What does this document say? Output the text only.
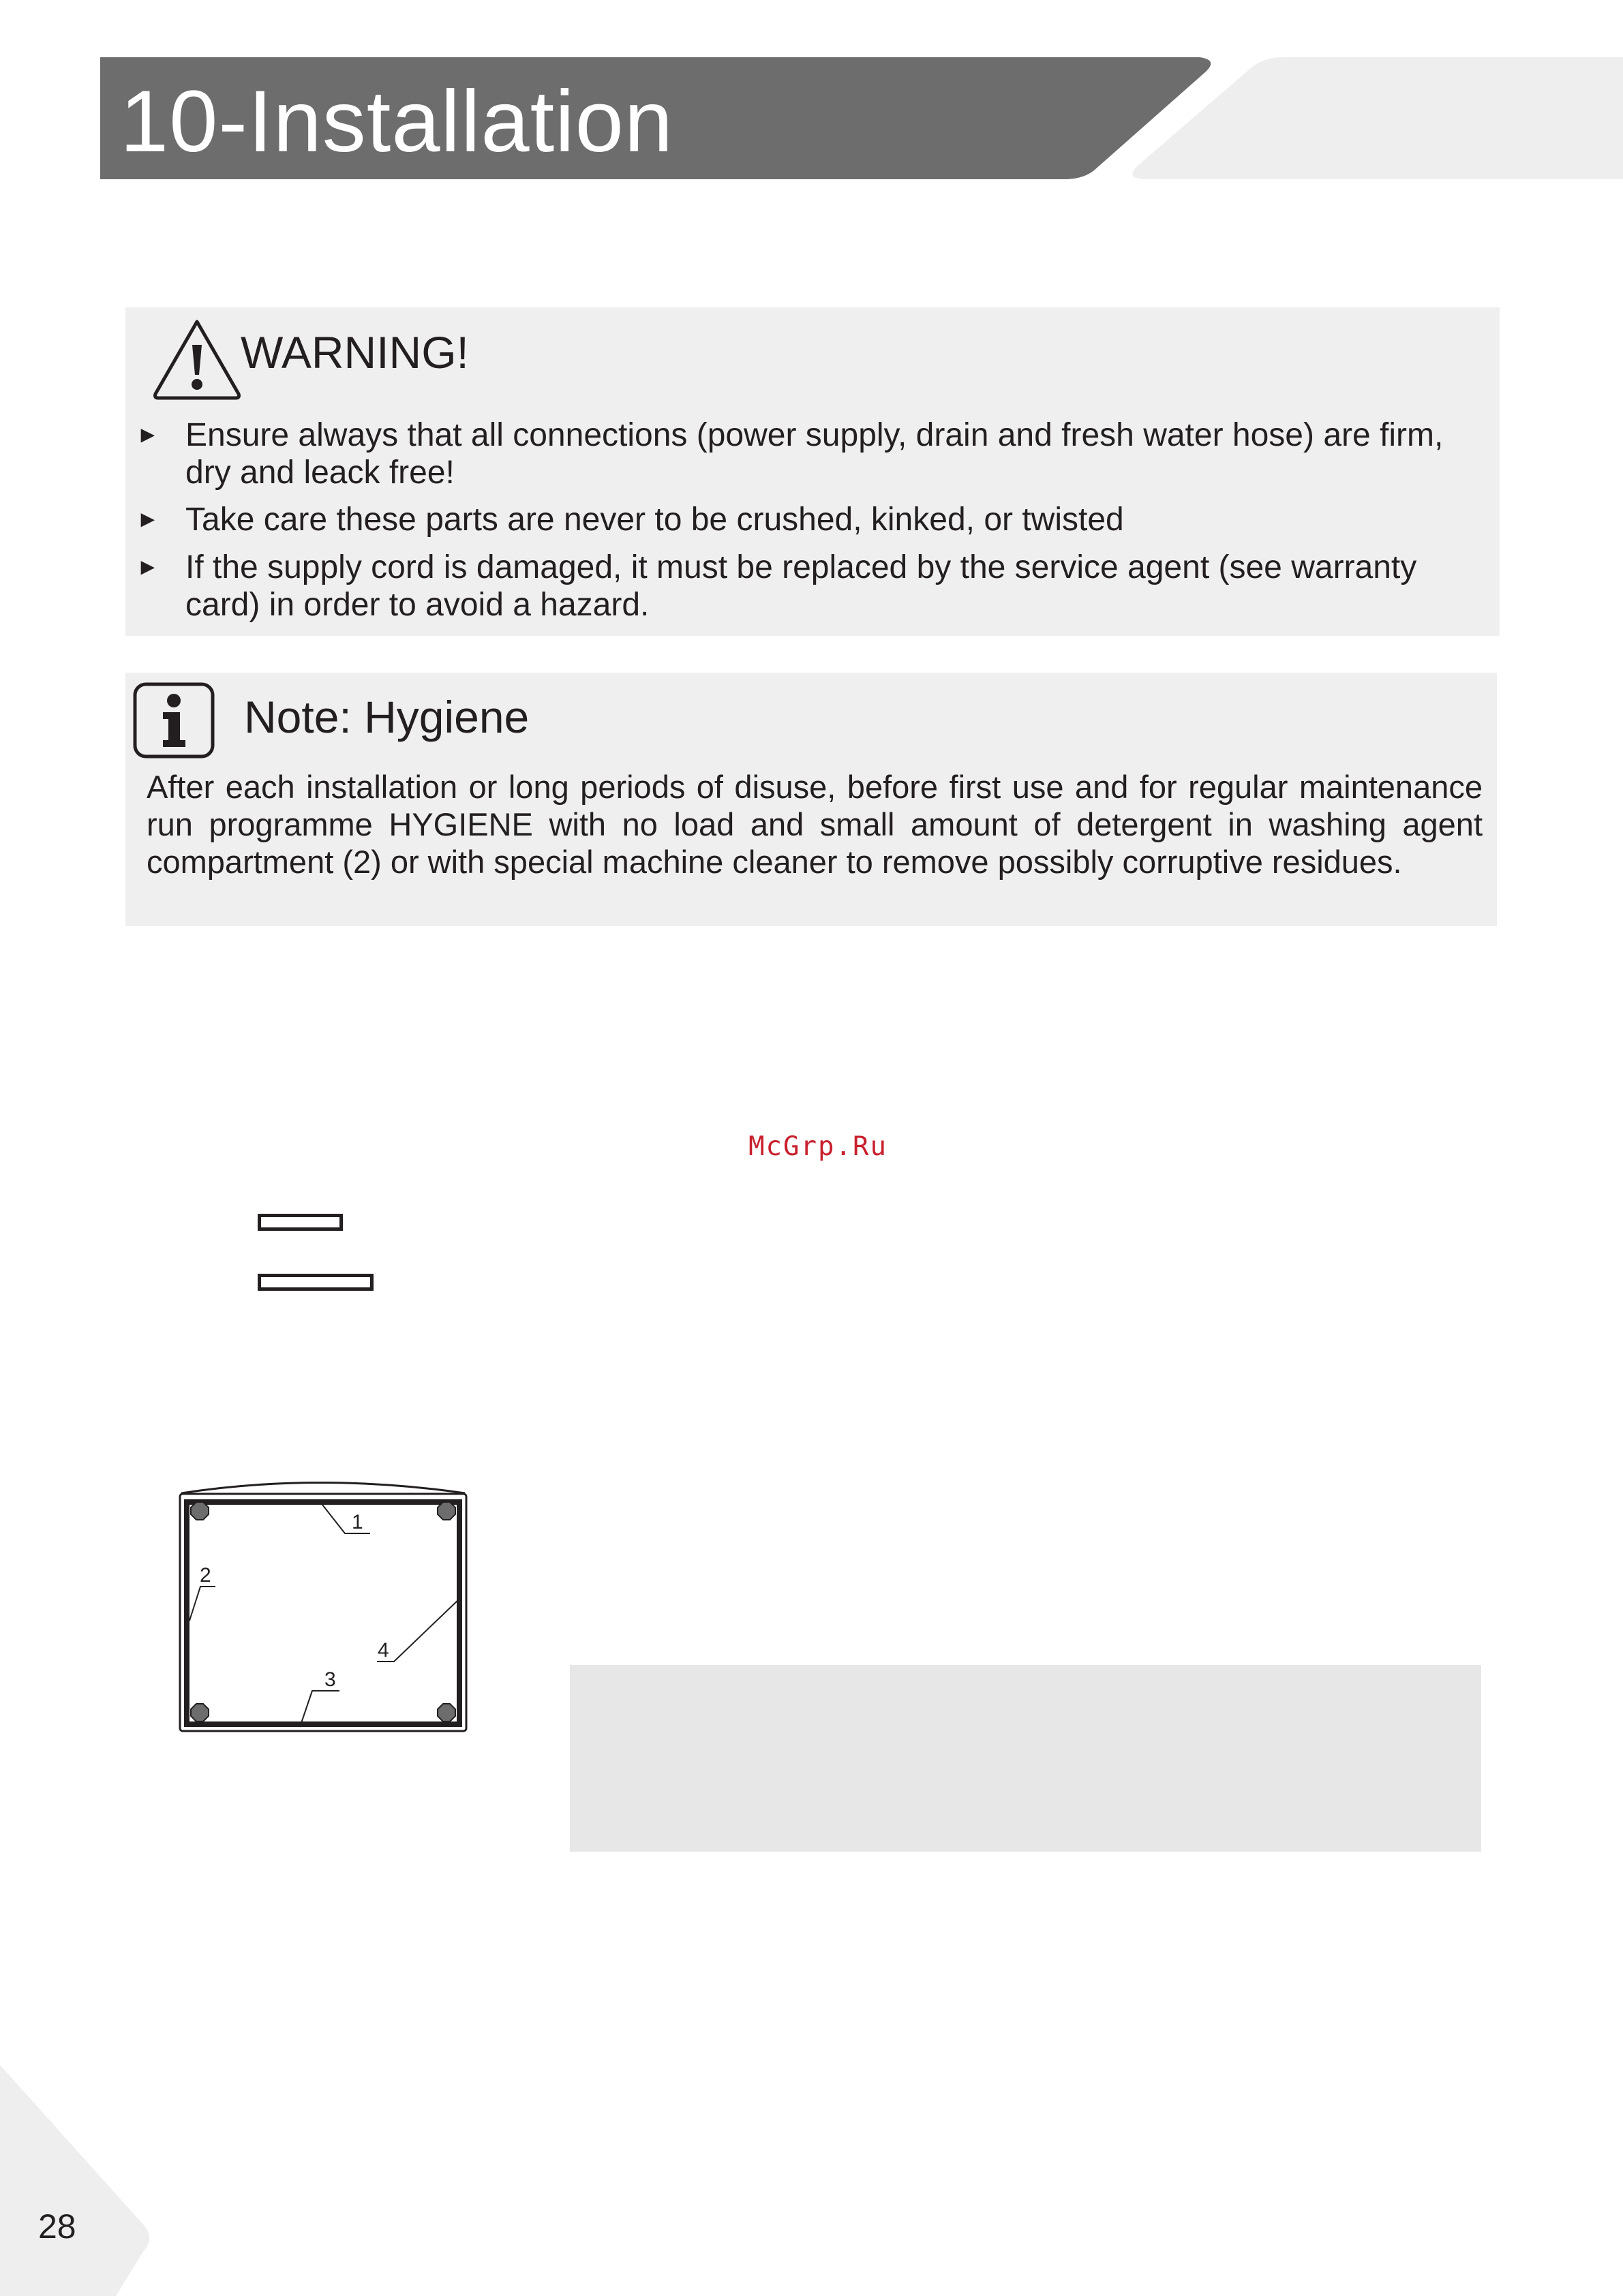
10-Installation
WARNING!
► Ensure always that all connections (power supply, drain and fresh water hose) are firm, dry and leack free!
► Take care these parts are never to be crushed, kinked, or twisted
► If the supply cord is damaged, it must be replaced by the service agent (see warranty card) in order to avoid a hazard.
Note: Hygiene
After each installation or long periods of disuse, before first use and for regular maintenance run programme HYGIENE with no load and small amount of detergent in washing agent compartment (2) or with special machine cleaner to remove possibly corruptive residues.
McGrp.Ru
1
2
3
4
28
